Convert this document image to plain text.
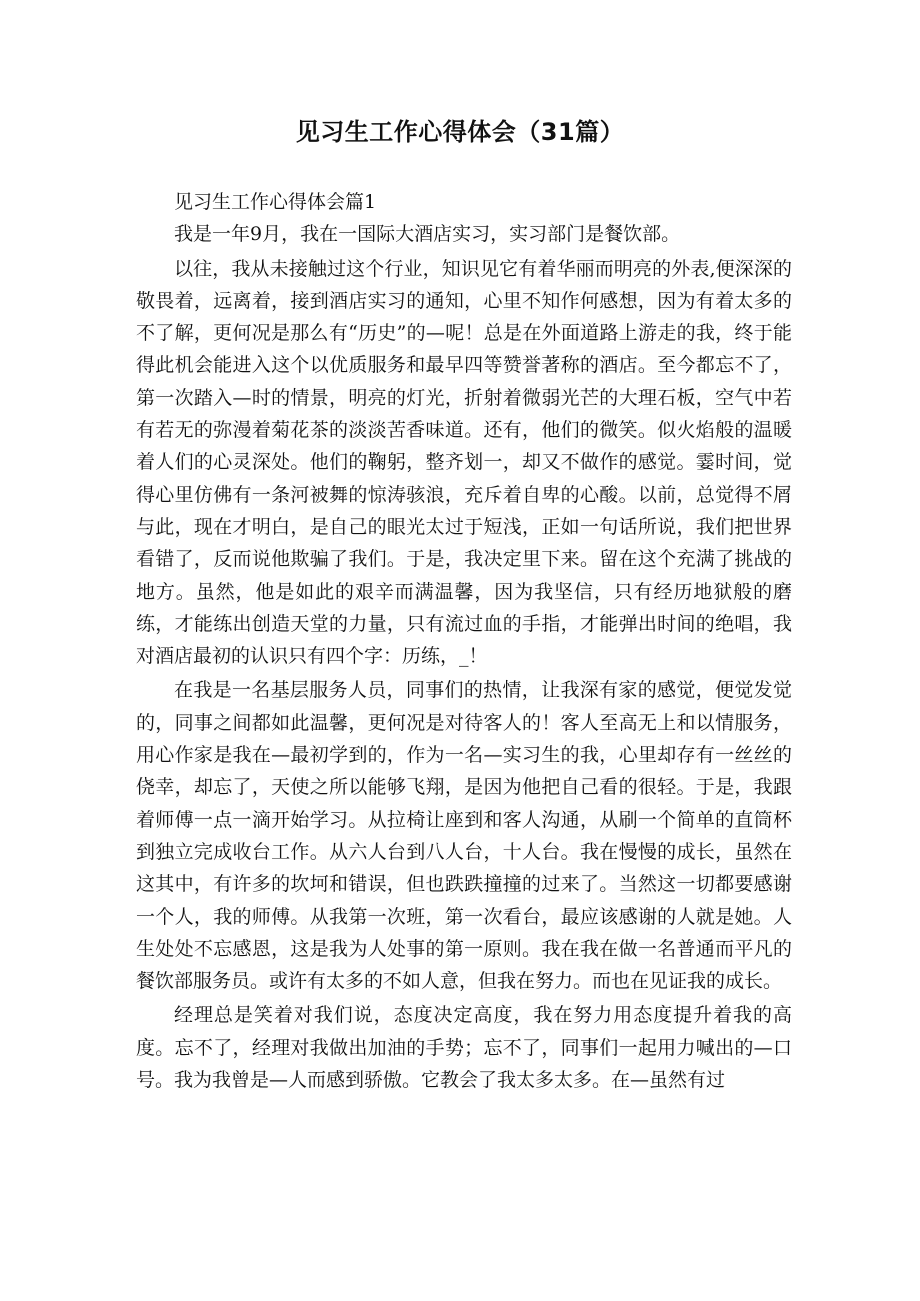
见习生工作心得体会（31篇）

见习生工作心得体会篇1

我是一年9月，我在一国际大酒店实习，实习部门是餐饮部。

以往，我从未接触过这个行业，知识见它有着华丽而明亮的外表,便深深的敬畏着，远离着，接到酒店实习的通知，心里不知作何感想，因为有着太多的不了解，更何况是那么有“历史”的—呢！总是在外面道路上游走的我，终于能得此机会能进入这个以优质服务和最早四等赞誉著称的酒店。至今都忘不了，第一次踏入—时的情景，明亮的灯光，折射着微弱光芒的大理石板，空气中若有若无的弥漫着菊花茶的淡淡苦香味道。还有，他们的微笑。似火焰般的温暖着人们的心灵深处。他们的鞠躬，整齐划一，却又不做作的感觉。霎时间，觉得心里仿佛有一条河被舞的惊涛骇浪，充斥着自卑的心酸。以前，总觉得不屑与此，现在才明白，是自己的眼光太过于短浅，正如一句话所说，我们把世界看错了，反而说他欺骗了我们。于是，我决定里下来。留在这个充满了挑战的地方。虽然，他是如此的艰辛而满温馨，因为我坚信，只有经历地狱般的磨练，才能练出创造天堂的力量，只有流过血的手指，才能弹出时间的绝唱，我对酒店最初的认识只有四个字：历练，_！

在我是一名基层服务人员，同事们的热情，让我深有家的感觉，便觉发觉的，同事之间都如此温馨，更何况是对待客人的！客人至高无上和以情服务，用心作家是我在—最初学到的，作为一名—实习生的我，心里却存有一丝丝的侥幸，却忘了，天使之所以能够飞翔，是因为他把自己看的很轻。于是，我跟着师傅一点一滴开始学习。从拉椅让座到和客人沟通，从刷一个简单的直筒杯到独立完成收台工作。从六人台到八人台，十人台。我在慢慢的成长，虽然在这其中，有许多的坎坷和错误，但也跌跌撞撞的过来了。当然这一切都要感谢一个人，我的师傅。从我第一次班，第一次看台，最应该感谢的人就是她。人生处处不忘感恩，这是我为人处事的第一原则。我在我在做一名普通而平凡的餐饮部服务员。或许有太多的不如人意，但我在努力。而也在见证我的成长。

经理总是笑着对我们说，态度决定高度，我在努力用态度提升着我的高度。忘不了，经理对我做出加油的手势；忘不了，同事们一起用力喊出的—口号。我为我曾是—人而感到骄傲。它教会了我太多太多。在—虽然有过
